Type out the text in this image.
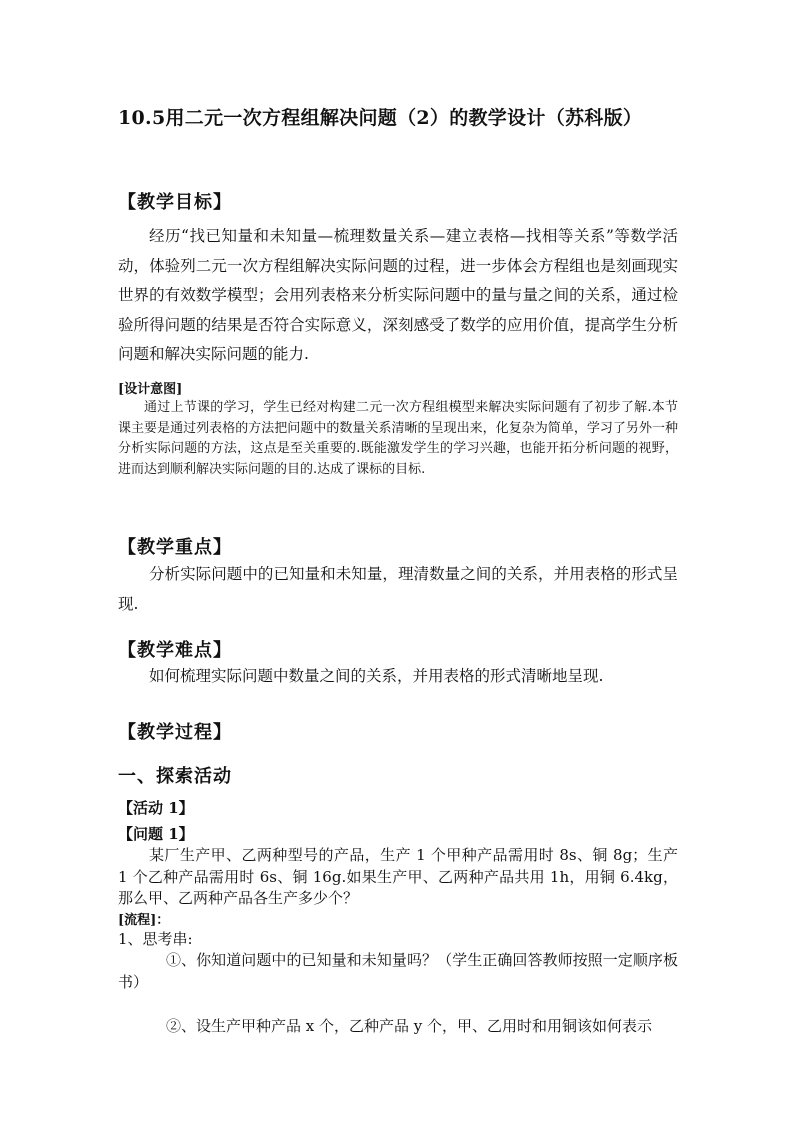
10.5用二元一次方程组解决问题（2）的教学设计（苏科版）
【教学目标】

经历“找已知量和未知量—梳理数量关系—建立表格—找相等关系”等数学活动，体验列二元一次方程组解决实际问题的过程，进一步体会方程组也是刻画现实世界的有效数学模型；会用列表格来分析实际问题中的量与量之间的关系，通过检验所得问题的结果是否符合实际意义，深刻感受了数学的应用价值，提高学生分析问题和解决实际问题的能力.

[设计意图]

通过上节课的学习，学生已经对构建二元一次方程组模型来解决实际问题有了初步了解.本节课主要是通过列表格的方法把问题中的数量关系清晰的呈现出来，化复杂为简单，学习了另外一种分析实际问题的方法，这点是至关重要的.既能激发学生的学习兴趣，也能开拓分析问题的视野，进而达到顺利解决实际问题的目的.达成了课标的目标.

【教学重点】

分析实际问题中的已知量和未知量，理清数量之间的关系，并用表格的形式呈现.

【教学难点】

如何梳理实际问题中数量之间的关系，并用表格的形式清晰地呈现.

【教学过程】
一、探索活动
【活动 1】
【问题 1】

某厂生产甲、乙两种型号的产品，生产 1 个甲种产品需用时 8s、铜 8g；生产 1 个乙种产品需用时 6s、铜 16g.如果生产甲、乙两种产品共用 1h，用铜 6.4kg，那么甲、乙两种产品各生产多少个？

[流程]：
1、思考串:

①、你知道问题中的已知量和未知量吗？（学生正确回答教师按照一定顺序板书）

②、设生产甲种产品 x 个，乙种产品 y 个，甲、乙用时和用铜该如何表示
